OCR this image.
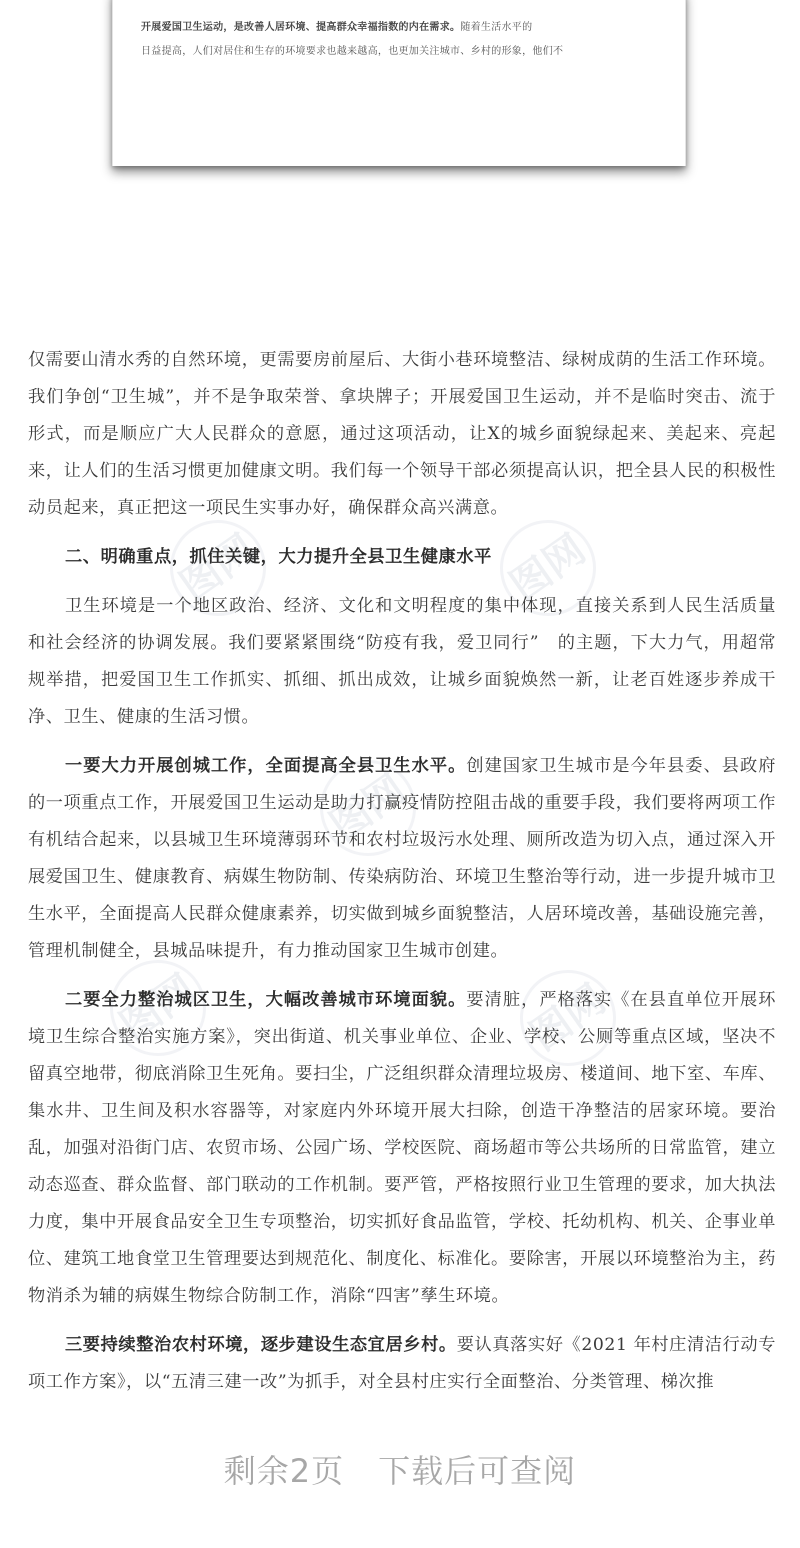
开展爱国卫生运动，是改善人居环境、提高群众幸福指数的内在需求。随着生活水平的
日益提高，人们对居住和生存的环境要求也越来越高，也更加关注城市、乡村的形象，他们不
图网	图网
图网
图网	图网

仅需要山清水秀的自然环境，更需要房前屋后、大街小巷环境整洁、绿树成荫的生活工作环境。我们争创“卫生城”，并不是争取荣誉、拿块牌子；开展爱国卫生运动，并不是临时突击、流于形式，而是顺应广大人民群众的意愿，通过这项活动，让X的城乡面貌绿起来、美起来、亮起来，让人们的生活习惯更加健康文明。我们每一个领导干部必须提高认识，把全县人民的积极性动员起来，真正把这一项民生实事办好，确保群众高兴满意。

二、明确重点，抓住关键，大力提升全县卫生健康水平

卫生环境是一个地区政治、经济、文化和文明程度的集中体现，直接关系到人民生活质量和社会经济的协调发展。我们要紧紧围绕“防疫有我，爱卫同行”　的主题，下大力气，用超常规举措，把爱国卫生工作抓实、抓细、抓出成效，让城乡面貌焕然一新，让老百姓逐步养成干净、卫生、健康的生活习惯。

一要大力开展创城工作，全面提高全县卫生水平。创建国家卫生城市是今年县委、县政府的一项重点工作，开展爱国卫生运动是助力打赢疫情防控阻击战的重要手段，我们要将两项工作有机结合起来，以县城卫生环境薄弱环节和农村垃圾污水处理、厕所改造为切入点，通过深入开展爱国卫生、健康教育、病媒生物防制、传染病防治、环境卫生整治等行动，进一步提升城市卫生水平，全面提高人民群众健康素养，切实做到城乡面貌整洁，人居环境改善，基础设施完善，管理机制健全，县城品味提升，有力推动国家卫生城市创建。

二要全力整治城区卫生，大幅改善城市环境面貌。要清脏，严格落实《在县直单位开展环境卫生综合整治实施方案》，突出街道、机关事业单位、企业、学校、公厕等重点区域，坚决不留真空地带，彻底消除卫生死角。要扫尘，广泛组织群众清理垃圾房、楼道间、地下室、车库、集水井、卫生间及积水容器等，对家庭内外环境开展大扫除，创造干净整洁的居家环境。要治乱，加强对沿街门店、农贸市场、公园广场、学校医院、商场超市等公共场所的日常监管，建立动态巡查、群众监督、部门联动的工作机制。要严管，严格按照行业卫生管理的要求，加大执法力度，集中开展食品安全卫生专项整治，切实抓好食品监管，学校、托幼机构、机关、企事业单位、建筑工地食堂卫生管理要达到规范化、制度化、标准化。要除害，开展以环境整治为主，药物消杀为辅的病媒生物综合防制工作，消除“四害”孳生环境。

三要持续整治农村环境，逐步建设生态宜居乡村。要认真落实好《2021 年村庄清洁行动专项工作方案》，以“五清三建一改”为抓手，对全县村庄实行全面整治、分类管理、梯次推

剩余2页 下载后可查阅
